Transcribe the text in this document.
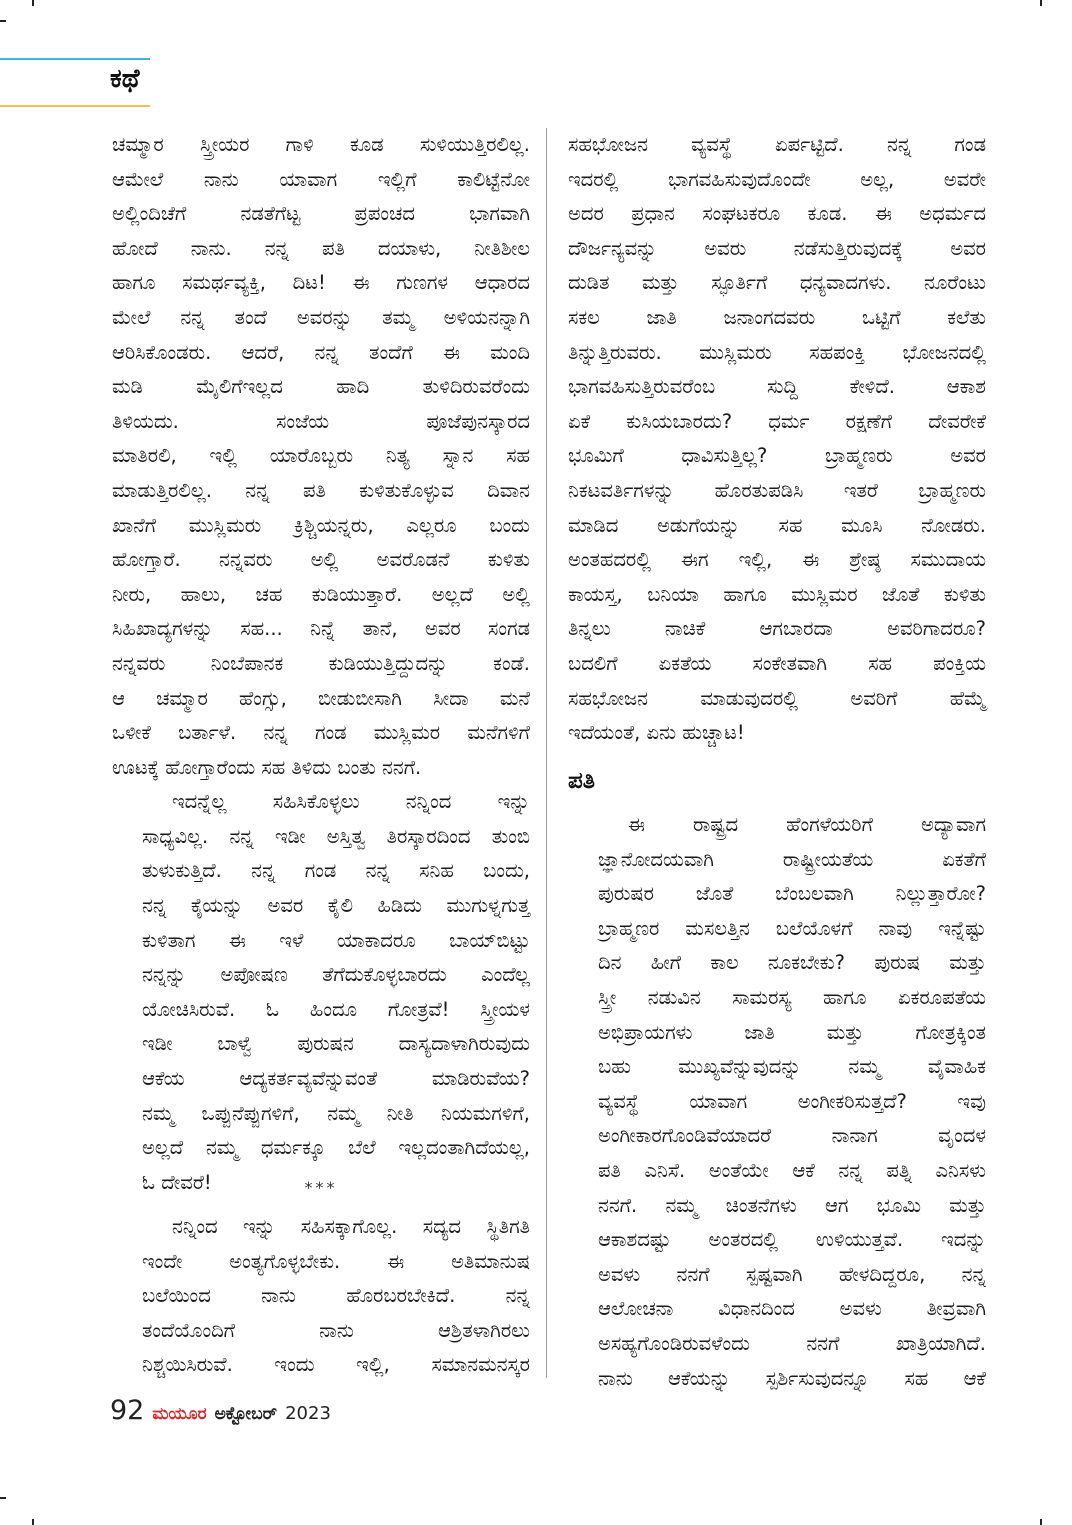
ಕಥೆ

ಚಮ್ಮಾರ ಸ್ತ್ರೀಯರ ಗಾಳಿ ಕೂಡ ಸುಳಿಯುತ್ತಿರಲಿಲ್ಲ.
ಆಮೇಲೆ ನಾನು ಯಾವಾಗ ಇಲ್ಲಿಗೆ ಕಾಲಿಟ್ಟೆನೋ
ಅಲ್ಲಿಂದಿಚೆಗೆ ನಡತೆಗೆಟ್ಟ ಪ್ರಪಂಚದ ಭಾಗವಾಗಿ
ಹೋದೆ ನಾನು. ನನ್ನ ಪತಿ ದಯಾಳು, ನೀತಿಶೀಲ
ಹಾಗೂ ಸಮರ್ಥವ್ಯಕ್ತಿ, ದಿಟ! ಈ ಗುಣಗಳ ಆಧಾರದ
ಮೇಲೆ ನನ್ನ ತಂದೆ ಅವರನ್ನು ತಮ್ಮ ಅಳಿಯನನ್ನಾಗಿ
ಆರಿಸಿಕೊಂಡರು. ಆದರೆ, ನನ್ನ ತಂದೆಗೆ ಈ ಮಂದಿ
ಮಡಿ ಮೈಲಿಗೆಇಲ್ಲದ ಹಾದಿ ತುಳಿದಿರುವರೆಂದು
ತಿಳಿಯದು. ಸಂಜೆಯ ಪೂಜೆಪುನಸ್ಕಾರದ
ಮಾತಿರಲಿ, ಇಲ್ಲಿ ಯಾರೊಬ್ಬರು ನಿತ್ಯ ಸ್ನಾನ ಸಹ
ಮಾಡುತ್ತಿರಲಿಲ್ಲ. ನನ್ನ ಪತಿ ಕುಳಿತುಕೊಳ್ಳುವ ದಿವಾನ
ಖಾನೆಗೆ ಮುಸ್ಲಿಮರು ಕ್ರಿಶ್ಚಿಯನ್ನರು, ಎಲ್ಲರೂ ಬಂದು
ಹೋಗ್ತಾರೆ. ನನ್ನವರು ಅಲ್ಲಿ ಅವರೊಡನೆ ಕುಳಿತು
ನೀರು, ಹಾಲು, ಚಹ ಕುಡಿಯುತ್ತಾರೆ. ಅಲ್ಲದೆ ಅಲ್ಲಿ
ಸಿಹಿಖಾದ್ಯಗಳನ್ನು ಸಹ... ನಿನ್ನೆ ತಾನೆ, ಅವರ ಸಂಗಡ
ನನ್ನವರು ನಿಂಬೆಪಾನಕ ಕುಡಿಯುತ್ತಿದ್ದುದನ್ನು ಕಂಡೆ.
ಆ ಚಮ್ಮಾರ ಹೆಂಗ್ಸು, ಬೀಡುಬೀಸಾಗಿ ಸೀದಾ ಮನೆ
ಒಳೀಕೆ ಬರ್ತಾಳೆ. ನನ್ನ ಗಂಡ ಮುಸ್ಲಿಮರ ಮನೆಗಳಿಗೆ
ಊಟಕ್ಕೆ ಹೋಗ್ತಾರೆಂದು ಸಹ ತಿಳಿದು ಬಂತು ನನಗೆ.

ಇದನ್ನೆಲ್ಲ ಸಹಿಸಿಕೊಳ್ಳಲು ನನ್ನಿಂದ ಇನ್ನು
ಸಾಧ್ಯವಿಲ್ಲ. ನನ್ನ ಇಡೀ ಅಸ್ತಿತ್ವ ತಿರಸ್ಕಾರದಿಂದ ತುಂಬಿ
ತುಳುಕುತ್ತಿದೆ. ನನ್ನ ಗಂಡ ನನ್ನ ಸನಿಹ ಬಂದು,
ನನ್ನ ಕೈಯನ್ನು ಅವರ ಕೈಲಿ ಹಿಡಿದು ಮುಗುಳ್ನಗುತ್ತ
ಕುಳಿತಾಗ ಈ ಇಳೆ ಯಾಕಾದರೂ ಬಾಯ್‌ಬಿಟ್ಟು
ನನ್ನನ್ನು ಅಪೋಷಣ ತೆಗೆದುಕೊಳ್ಳಬಾರದು ಎಂದೆಲ್ಲ
ಯೋಚಿಸಿರುವೆ. ಓ ಹಿಂದೂ ಗೋತ್ರವೆ! ಸ್ತ್ರೀಯಳ
ಇಡೀ ಬಾಳ್ವೆ ಪುರುಷನ ದಾಸ್ಯದಾಳಾಗಿರುವುದು
ಆಕೆಯ ಆದ್ಯಕರ್ತವ್ಯವೆನ್ನುವಂತೆ ಮಾಡಿರುವೆಯ?
ನಮ್ಮ ಒಪ್ಪುನೆಪ್ಪುಗಳಿಗೆ, ನಮ್ಮ ನೀತಿ ನಿಯಮಗಳಿಗೆ,
ಅಲ್ಲದೆ ನಮ್ಮ ಧರ್ಮಕ್ಕೂ ಬೆಲೆ ಇಲ್ಲದಂತಾಗಿದೆಯಲ್ಲ,
ಓ ದೇವರೆ!	***

ನನ್ನಿಂದ ಇನ್ನು ಸಹಿಸಕ್ಕಾಗೊಲ್ಲ. ಸದ್ಯದ ಸ್ಥಿತಿಗತಿ
ಇಂದೇ ಅಂತ್ಯಗೊಳ್ಳಬೇಕು. ಈ ಅತಿಮಾನುಷ
ಬಲೆಯಿಂದ ನಾನು ಹೊರಬರಬೇಕಿದೆ. ನನ್ನ
ತಂದೆಯೊಂದಿಗೆ ನಾನು ಆಶ್ರಿತಳಾಗಿರಲು
ನಿಶ್ಚಯಿಸಿರುವೆ. ಇಂದು ಇಲ್ಲಿ, ಸಮಾನಮನಸ್ಕರ

ಸಹಭೋಜನ ವ್ಯವಸ್ಥೆ ಏರ್ಪಟ್ಟಿದೆ. ನನ್ನ ಗಂಡ
ಇದರಲ್ಲಿ ಭಾಗವಹಿಸುವುದೊಂದೇ ಅಲ್ಲ, ಅವರೇ
ಅದರ ಪ್ರಧಾನ ಸಂಘಟಕರೂ ಕೂಡ. ಈ ಅಧರ್ಮದ
ದೌರ್ಜನ್ಯವನ್ನು ಅವರು ನಡೆಸುತ್ತಿರುವುದಕ್ಕೆ ಅವರ
ದುಡಿತ ಮತ್ತು ಸ್ಫೂರ್ತಿಗೆ ಧನ್ಯವಾದಗಳು. ನೂರೆಂಟು
ಸಕಲ ಜಾತಿ ಜನಾಂಗದವರು ಒಟ್ಟಿಗೆ ಕಲೆತು
ತಿನ್ನುತ್ತಿರುವರು. ಮುಸ್ಲಿಮರು ಸಹಪಂಕ್ತಿ ಭೋಜನದಲ್ಲಿ
ಭಾಗವಹಿಸುತ್ತಿರುವರೆಂಬ ಸುದ್ದಿ ಕೇಳಿದೆ. ಆಕಾಶ
ಏಕೆ ಕುಸಿಯಬಾರದು? ಧರ್ಮ ರಕ್ಷಣೆಗೆ ದೇವರೇಕೆ
ಭೂಮಿಗೆ ಧಾವಿಸುತ್ತಿಲ್ಲ? ಬ್ರಾಹ್ಮಣರು ಅವರ
ನಿಕಟವರ್ತಿಗಳನ್ನು ಹೊರತುಪಡಿಸಿ ಇತರೆ ಬ್ರಾಹ್ಮಣರು
ಮಾಡಿದ ಅಡುಗೆಯನ್ನು ಸಹ ಮೂಸಿ ನೋಡರು.
ಅಂತಹದರಲ್ಲಿ ಈಗ ಇಲ್ಲಿ, ಈ ಶ್ರೇಷ್ಠ ಸಮುದಾಯ
ಕಾಯಸ್ತ, ಬನಿಯಾ ಹಾಗೂ ಮುಸ್ಲಿಮರ ಜೊತೆ ಕುಳಿತು
ತಿನ್ನಲು ನಾಚಿಕೆ ಆಗಬಾರದಾ ಅವರಿಗಾದರೂ?
ಬದಲಿಗೆ ಏಕತೆಯ ಸಂಕೇತವಾಗಿ ಸಹ ಪಂಕ್ತಿಯ
ಸಹಭೋಜನ ಮಾಡುವುದರಲ್ಲಿ ಅವರಿಗೆ ಹೆಮ್ಮೆ
ಇದೆಯಂತೆ, ಏನು ಹುಚ್ಚಾಟ!

ಪತಿ

ಈ ರಾಷ್ಟ್ರದ ಹೆಂಗಳೆಯರಿಗೆ ಅದ್ಯಾವಾಗ
ಜ್ಞಾನೋದಯವಾಗಿ ರಾಷ್ಟ್ರೀಯತೆಯ ಏಕತೆಗೆ
ಪುರುಷರ ಜೊತೆ ಬೆಂಬಲವಾಗಿ ನಿಲ್ಲುತ್ತಾರೋ?
ಬ್ರಾಹ್ಮಣರ ಮಸಲತ್ತಿನ ಬಲೆಯೊಳಗೆ ನಾವು ಇನ್ನೆಷ್ಟು
ದಿನ ಹೀಗೆ ಕಾಲ ನೂಕಬೇಕು? ಪುರುಷ ಮತ್ತು
ಸ್ತ್ರೀ ನಡುವಿನ ಸಾಮರಸ್ಯ ಹಾಗೂ ಏಕರೂಪತೆಯ
ಅಭಿಪ್ರಾಯಗಳು ಜಾತಿ ಮತ್ತು ಗೋತ್ರಕ್ಕಿಂತ
ಬಹು ಮುಖ್ಯವೆನ್ನುವುದನ್ನು ನಮ್ಮ ವೈವಾಹಿಕ
ವ್ಯವಸ್ಥೆ ಯಾವಾಗ ಅಂಗೀಕರಿಸುತ್ತದೆ? ಇವು
ಅಂಗೀಕಾರಗೊಂಡಿವೆಯಾದರೆ ನಾನಾಗ ವೃಂದಳ
ಪತಿ ಎನಿಸೆ. ಅಂತೆಯೇ ಆಕೆ ನನ್ನ ಪತ್ನಿ ಎನಿಸಳು
ನನಗೆ. ನಮ್ಮ ಚಿಂತನೆಗಳು ಆಗ ಭೂಮಿ ಮತ್ತು
ಆಕಾಶದಷ್ಟು ಅಂತರದಲ್ಲಿ ಉಳಿಯುತ್ತವೆ. ಇದನ್ನು
ಅವಳು ನನಗೆ ಸ್ಪಷ್ಟವಾಗಿ ಹೇಳದಿದ್ದರೂ, ನನ್ನ
ಆಲೋಚನಾ ವಿಧಾನದಿಂದ ಅವಳು ತೀವ್ರವಾಗಿ
ಅಸಹ್ಯಗೊಂಡಿರುವಳೆಂದು ನನಗೆ ಖಾತ್ರಿಯಾಗಿದೆ.
ನಾನು ಆಕೆಯನ್ನು ಸ್ಪರ್ಶಿಸುವುದನ್ನೂ ಸಹ ಆಕೆ

92 ಮಯೂರ ಅಕ್ಟೋಬರ್ 2023
